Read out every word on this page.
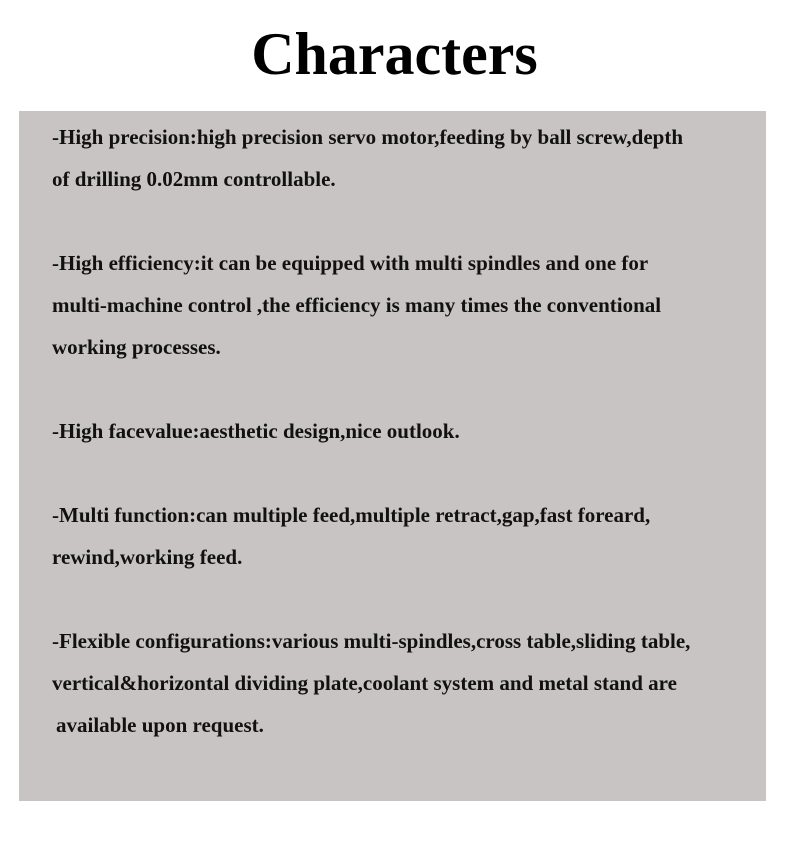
Characters

-High precision:high precision servo motor,feeding by ball screw,depth
of drilling 0.02mm controllable.

-High efficiency:it can be equipped with multi spindles and one for
multi-machine control ,the efficiency is many times the conventional
working processes.

-High facevalue:aesthetic design,nice outlook.

-Multi function:can multiple feed,multiple retract,gap,fast foreard,
rewind,working feed.

-Flexible configurations:various multi-spindles,cross table,sliding table,
vertical&horizontal dividing plate,coolant system and metal stand are
available upon request.
